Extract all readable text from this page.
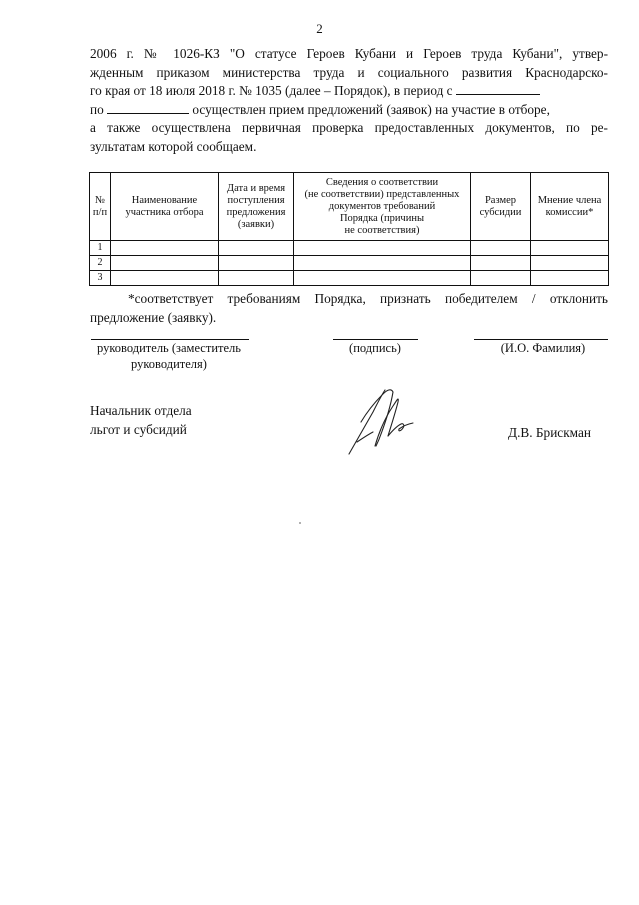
2
2006 г. № 1026-КЗ "О статусе Героев Кубани и Героев труда Кубани", утвер-
жденным приказом министерства труда и социального развития Краснодарско-
го края от 18 июля 2018 г. № 1035 (далее – Порядок), в период с
по	осуществлен прием предложений (заявок) на участие в отборе,
а также осуществлена первичная проверка предоставленных документов, по ре-
зультатам которой сообщаем.
№
п/п	Наименование участника отбора	Дата и время поступления предложения (заявки)	Сведения о соответствии
(не соответствии) представленных
документов требований
Порядка (причины
не соответствия)	Размер субсидии	Мнение члена комиссии*
1					
2					
3					
*соответствует требованиям Порядка, признать победителем / отклонить
предложение (заявку).
руководитель (заместитель
руководителя)
(подпись)	(И.О. Фамилия)
Начальник отдела
льгот и субсидий	Д.В. Брискман
